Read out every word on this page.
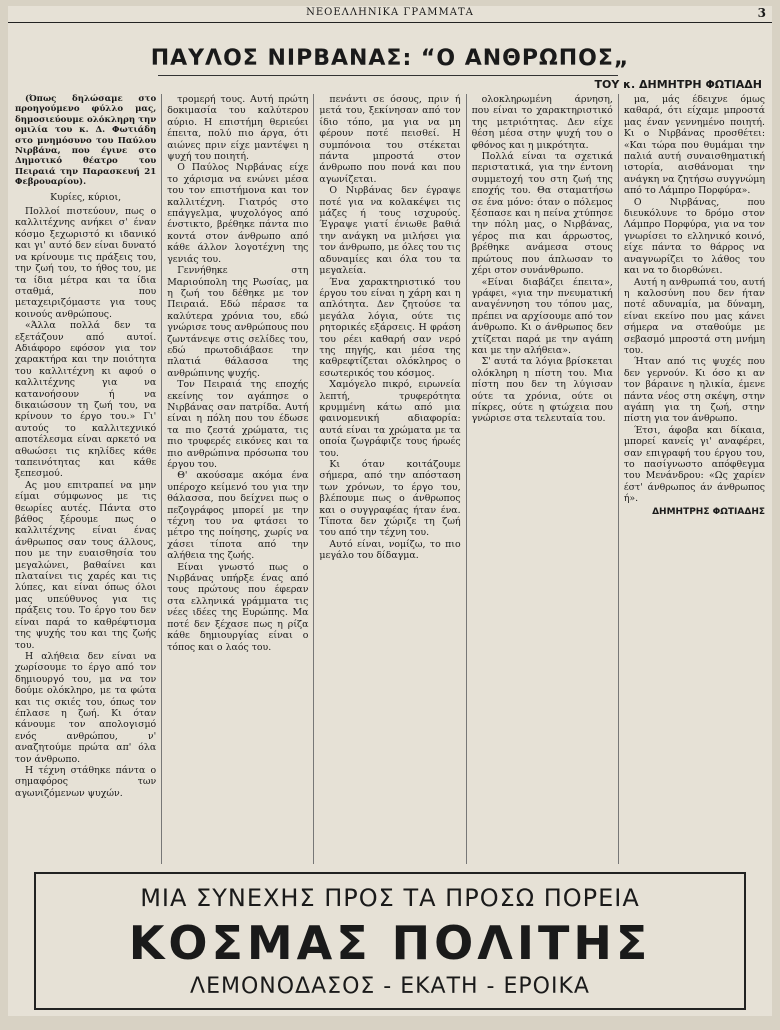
ΝΕΟΕΛΛΗΝΙΚΑ ΓΡΑΜΜΑΤΑ	3
ΠΑΥΛΟΣ ΝΙΡΒΑΝΑΣ: “Ο ΑΝΘΡΩΠΟΣ„
ΤΟΥ κ. ΔΗΜΗΤΡΗ ΦΩΤΙΑΔΗ

(Όπως δηλώσαμε στο προηγούμενο φύλλο μας, δημοσιεύουμε ολόκληρη την ομιλία του κ. Δ. Φωτιάδη στο μνημόσυνο του Παύλου Νιρβάνα, που έγινε στο Δημοτικό θέατρο του Πειραιά την Παρασκευή 21 Φεβρουαρίου).

Κυρίες, κύριοι,

Πολλοί πιστεύουν, πως ο καλλιτέχνης ανήκει σ' έναν κόσμο ξεχωριστό κι ιδανικό και γι' αυτό δεν είναι δυνατό να κρίνουμε τις πράξεις του, την ζωή του, το ήθος του, με τα ίδια μέτρα και τα ίδια σταθμά, που μεταχειριζόμαστε για τους κοινούς ανθρώπους.

«Άλλα πολλά δεν τα εξετάζουν από αυτοί. Αδιάφορο εφόσον για τον χαρακτήρα και την ποιότητα του καλλιτέχνη κι αφού ο καλλιτέχνης για να κατανοήσουν ή να δικαιώσουν τη ζωή του, να κρίνουν το έργο του.» Γι' αυτούς το καλλιτεχνικό αποτέλεσμα είναι αρκετό να αθωώσει τις κηλίδες κάθε ταπεινότητας και κάθε ξεπεσμού.

Ας μου επιτραπεί να μην είμαι σύμφωνος με τις θεωρίες αυτές. Πάντα στο βάθος ξέρουμε πως ο καλλιτέχνης είναι ένας άνθρωπος σαν τους άλλους, που με την ευαισθησία του μεγαλώνει, βαθαίνει και πλαταίνει τις χαρές και τις λύπες, και είναι όπως όλοι μας υπεύθυνος για τις πράξεις του. Το έργο του δεν είναι παρά το καθρέφτισμα της ψυχής του και της ζωής του.

Η αλήθεια δεν είναι να χωρίσουμε το έργο από τον δημιουργό του, μα να τον δούμε ολόκληρο, με τα φώτα και τις σκιές του, όπως τον έπλασε η ζωή. Κι όταν κάνουμε τον απολογισμό ενός ανθρώπου, ν' αναζητούμε πρώτα απ' όλα τον άνθρωπο.

Η τέχνη στάθηκε πάντα ο σημαφόρος των αγωνιζόμενων ψυχών.

τρομερή τους. Αυτή πρώτη δοκιμασία του καλύτερου αύριο. Η επιστήμη θεριεύει έπειτα, πολύ πιο άργα, ότι αιώνες πριν είχε μαντέψει η ψυχή του ποιητή.

Ο Παύλος Νιρβάνας είχε το χάρισμα να ενώνει μέσα του τον επιστήμονα και τον καλλιτέχνη. Γιατρός στο επάγγελμα, ψυχολόγος από ένστικτο, βρέθηκε πάντα πιο κοντά στον άνθρωπο από κάθε άλλον λογοτέχνη της γενιάς του.

Γεννήθηκε στη Μαριούπολη της Ρωσίας, μα η ζωή του δέθηκε με τον Πειραιά. Εδώ πέρασε τα καλύτερα χρόνια του, εδώ γνώρισε τους ανθρώπους που ζωντάνεψε στις σελίδες του, εδώ πρωτοδιάβασε την πλατιά θάλασσα της ανθρώπινης ψυχής.

Τον Πειραιά της εποχής εκείνης τον αγάπησε ο Νιρβάνας σαν πατρίδα. Αυτή είναι η πόλη που του έδωσε τα πιο ζεστά χρώματα, τις πιο τρυφερές εικόνες και τα πιο ανθρώπινα πρόσωπα του έργου του.

Θ' ακούσαμε ακόμα ένα υπέροχο κείμενό του για την θάλασσα, που δείχνει πως ο πεζογράφος μπορεί με την τέχνη του να φτάσει το μέτρο της ποίησης, χωρίς να χάσει τίποτα από την αλήθεια της ζωής.

Είναι γνωστό πως ο Νιρβάνας υπήρξε ένας από τους πρώτους που έφεραν στα ελληνικά γράμματα τις νέες ιδέες της Ευρώπης. Μα ποτέ δεν ξέχασε πως η ρίζα κάθε δημιουργίας είναι ο τόπος και ο λαός του.

πενάντι σε όσους, πριν ή μετά του, ξεκίνησαν από τον ίδιο τόπο, μα για να μη φέρουν ποτέ πεισθεί. Η συμπόνοια του στέκεται πάντα μπροστά στον άνθρωπο που πονά και που αγωνίζεται.

Ο Νιρβάνας δεν έγραψε ποτέ για να κολακέψει τις μάζες ή τους ισχυρούς. Έγραψε γιατί ένιωθε βαθιά την ανάγκη να μιλήσει για τον άνθρωπο, με όλες του τις αδυναμίες και όλα του τα μεγαλεία.

Ένα χαρακτηριστικό του έργου του είναι η χάρη και η απλότητα. Δεν ζητούσε τα μεγάλα λόγια, ούτε τις ρητορικές εξάρσεις. Η φράση του ρέει καθαρή σαν νερό της πηγής, και μέσα της καθρεφτίζεται ολόκληρος ο εσωτερικός του κόσμος.

Χαμόγελο πικρό, ειρωνεία λεπτή, τρυφερότητα κρυμμένη κάτω από μια φαινομενική αδιαφορία: αυτά είναι τα χρώματα με τα οποία ζωγράφιζε τους ήρωές του.

Κι όταν κοιτάζουμε σήμερα, από την απόσταση των χρόνων, το έργο του, βλέπουμε πως ο άνθρωπος και ο συγγραφέας ήταν ένα. Τίποτα δεν χώριζε τη ζωή του από την τέχνη του.

Αυτό είναι, νομίζω, το πιο μεγάλο του δίδαγμα.

ολοκληρωμένη άρνηση, που είναι το χαρακτηριστικό της μετριότητας. Δεν είχε θέση μέσα στην ψυχή του ο φθόνος και η μικρότητα.

Πολλά είναι τα σχετικά περιστατικά, για την έντονη συμμετοχή του στη ζωή της εποχής του. Θα σταματήσω σε ένα μόνο: όταν ο πόλεμος ξέσπασε και η πείνα χτύπησε την πόλη μας, ο Νιρβάνας, γέρος πια και άρρωστος, βρέθηκε ανάμεσα στους πρώτους που άπλωσαν το χέρι στον συνάνθρωπο.

«Είναι διαβάζει έπειτα», γράφει, «για την πνευματική αναγέννηση του τόπου μας, πρέπει να αρχίσουμε από τον άνθρωπο. Κι ο άνθρωπος δεν χτίζεται παρά με την αγάπη και με την αλήθεια».

Σ' αυτά τα λόγια βρίσκεται ολόκληρη η πίστη του. Μια πίστη που δεν τη λύγισαν ούτε τα χρόνια, ούτε οι πίκρες, ούτε η φτώχεια που γνώρισε στα τελευταία του.

μα, μάς έδειχνε όμως καθαρά, ότι είχαμε μπροστά μας έναν γεννημένο ποιητή. Κι ο Νιρβάνας προσθέτει: «Και τώρα που θυμάμαι την παλιά αυτή συναισθηματική ιστορία, αισθάνομαι την ανάγκη να ζητήσω συγγνώμη από το Λάμπρο Πορφύρα».

Ο Νιρβάνας, που διευκόλυνε το δρόμο στον Λάμπρο Πορφύρα, για να τον γνωρίσει το ελληνικό κοινό, είχε πάντα το θάρρος να αναγνωρίζει το λάθος του και να το διορθώνει.

Αυτή η ανθρωπιά του, αυτή η καλοσύνη που δεν ήταν ποτέ αδυναμία, μα δύναμη, είναι εκείνο που μας κάνει σήμερα να σταθούμε με σεβασμό μπροστά στη μνήμη του.

Ήταν από τις ψυχές που δεν γερνούν. Κι όσο κι αν τον βάραινε η ηλικία, έμενε πάντα νέος στη σκέψη, στην αγάπη για τη ζωή, στην πίστη για τον άνθρωπο.

Έτσι, άφοβα και δίκαια, μπορεί κανείς γι' αναφέρει, σαν επιγραφή του έργου του, το πασίγνωστο απόφθεγμα του Μενάνδρου: «Ως χαρίεν έστ' άνθρωπος άν άνθρωπος ή».

ΔΗΜΗΤΡΗΣ ΦΩΤΙΑΔΗΣ
ΜΙΑ ΣΥΝΕΧΗΣ ΠΡΟΣ ΤΑ ΠΡΟΣΩ ΠΟΡΕΙΑ
ΚΟΣΜΑΣ ΠΟΛΙΤΗΣ
ΛΕΜΟΝΟΔΑΣΟΣ - ΕΚΑΤΗ - ΕΡΟΙΚΑ
